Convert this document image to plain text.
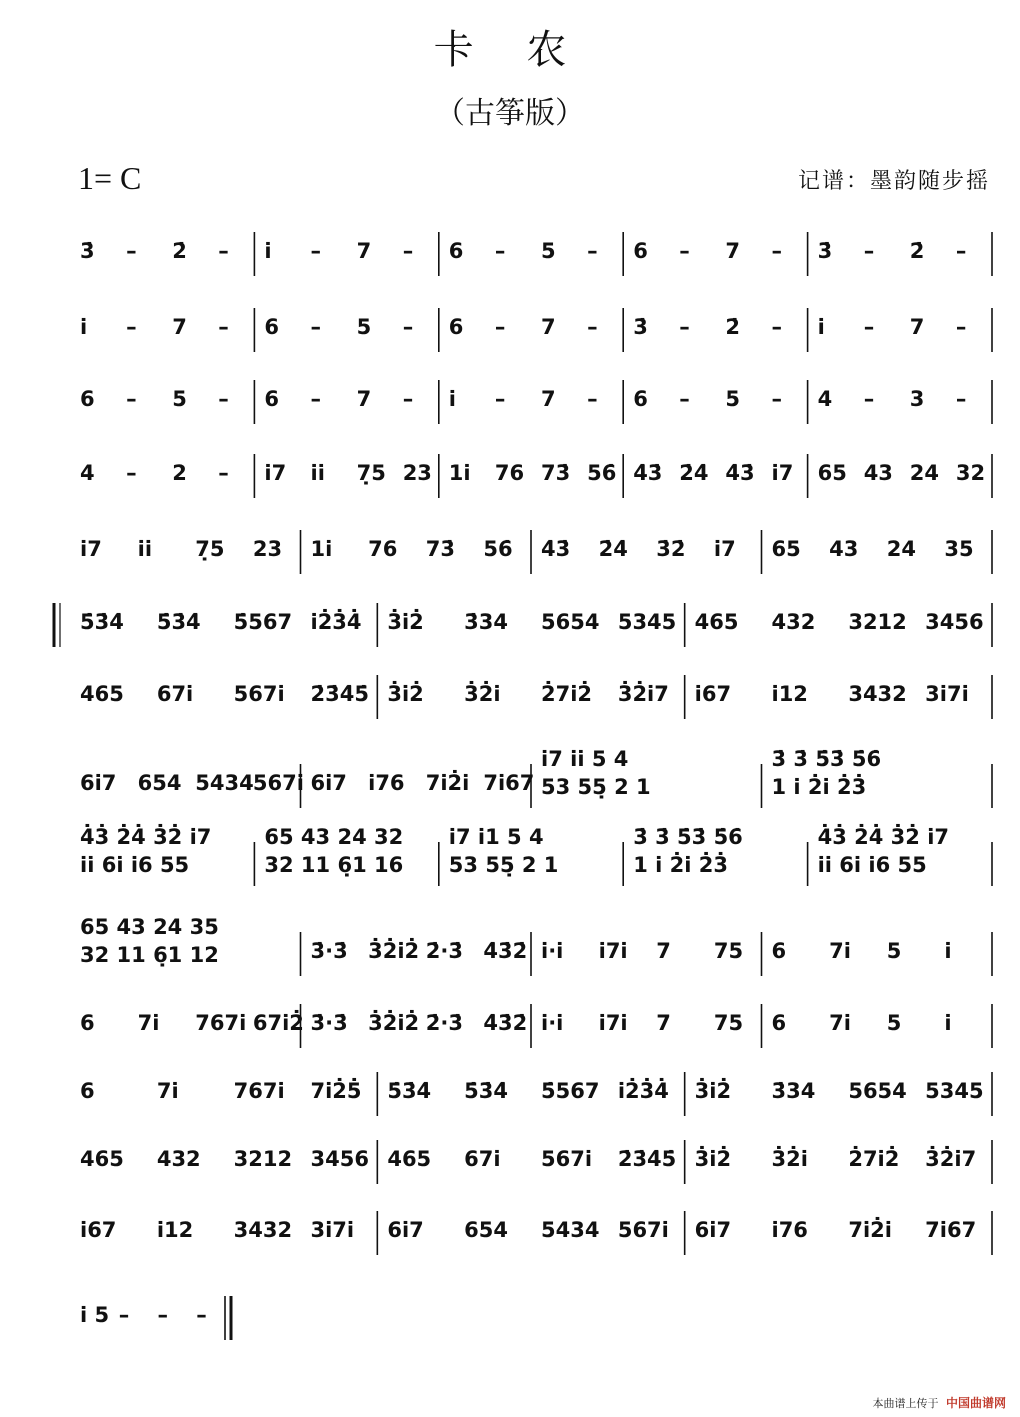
卡 农
（古筝版）
1= C	记谱：墨韵随步摇
3̇ – 2̇ – i̇ – 7 – 6 – 5 – 6 – 7 – 3̇ – 2̇ –
i̇ – 7 – 6 – 5 – 6 – 7 – 3̇ – 2̇ – i̇ – 7 –
6 – 5 – 6 – 7 – i̇ – 7 – 6 – 5 – 4 – 3 –
4 – 2 – i̇7 i̇i̇ 7̣5 23 1i̇ 76 73̇ 56̇ 4̇3̇ 2̇4̇ 4̇3̇ i̇7 65 43 24 32
i̇7 i̇i̇ 7̣5 23 1i̇ 76 73̇ 56̇ 4̇3̇ 2̇4̇ 3̇2̇ i̇7 65 43 24 35
5̇3̇4̇ 5̇3̇4̇ 5̇567 i̇2̇3̇4̇ 3̇i̇2̇ 3̇34 5654 5345 465 432 3212 3456
465 67i̇ 567i̇ 2̇3̇4̇5̇ 3̇i̇2̇ 3̇2̇i̇ 2̇7i̇2̇ 3̇2̇i̇7 i̇67 i̇12 3432 3i̇7i̇
6i̇7 654 5434 567i̇ 6i̇7 i̇76 7i̇2̇i̇ 7i̇67
i̇7 i̇i̇ 5 4
53 55̣ 2 1
3̇ 3̇ 5̇3̇ 5̇6̇
1 i̇ 2̇i̇ 2̇3̇
4̇3̇ 2̇4̇ 3̇2̇ i̇7
i̇i̇ 6i̇ i̇6 55
65 43 24 32
32 11 6̣1 16
i̇7 i̇1 5 4
53 55̣ 2 1
3̇ 3̇ 5̇3̇ 5̇6̇
1 i̇ 2̇i̇ 2̇3̇
4̇3̇ 2̇4̇ 3̇2̇ i̇7
i̇i̇ 6i̇ i̇6 55
65 43 24 35
32 11 6̣1 12	3̇·3̇ 3̇2̇i̇2̇ 2̇·3̇ 4̇3̇2̇ i̇·i̇ i̇7i̇ 7 75 6 7i̇ 5 i̇
6 7i̇ 767i̇ 67i̇2̇ 3̇·3̇ 3̇2̇i̇2̇ 2̇·3̇ 4̇3̇2̇ i̇·i̇ i̇7i̇ 7 75 6 7i̇ 5 i̇
6	7i̇	767i̇ 7i̇2̇5̇ 5̇3̇4̇ 5̇3̇4̇ 5̇567 i̇2̇3̇4̇ 3̇i̇2̇ 3̇34 5654 5345
465 432 3212 3456 465 67i̇ 567i̇ 2̇3̇4̇5̇ 3̇i̇2̇ 3̇2̇i̇ 2̇7i̇2̇ 3̇2̇i̇7
i̇67 i̇12 3432 3i̇7i̇ 6i̇7 654 5434 567i̇ 6i̇7 i̇76 7i̇2̇i̇ 7i̇67
i̇ 5 – – –
本曲谱上传于 中国曲谱网
